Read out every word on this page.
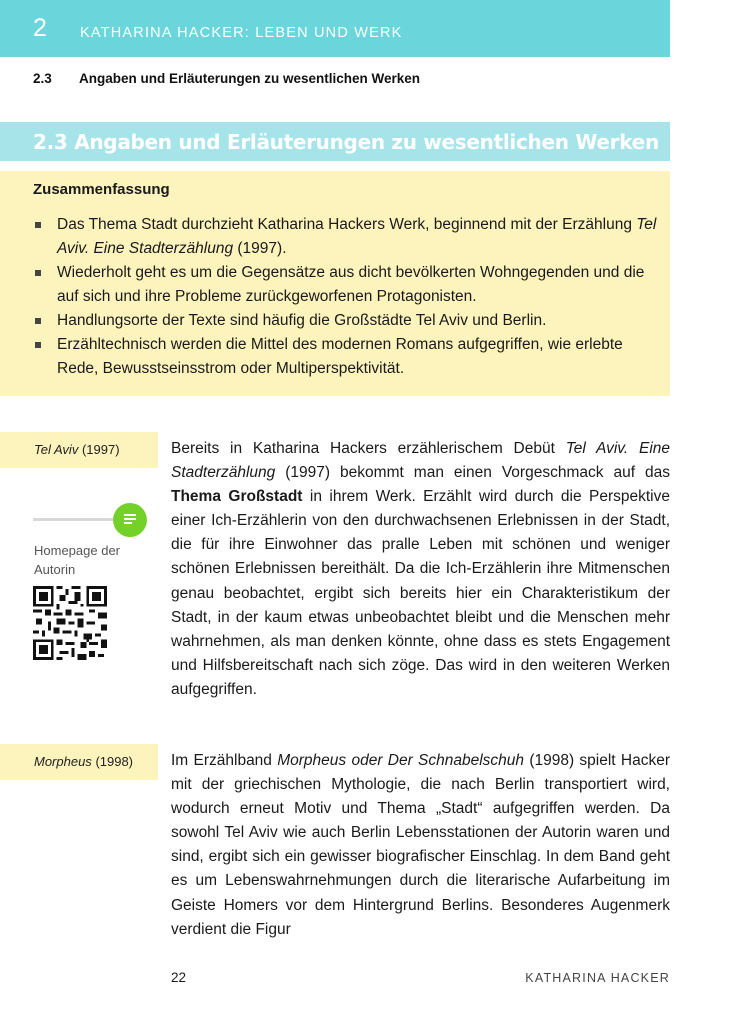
2 KATHARINA HACKER: LEBEN UND WERK
2.3 Angaben und Erläuterungen zu wesentlichen Werken
2.3 Angaben und Erläuterungen zu wesentlichen Werken
Zusammenfassung
Das Thema Stadt durchzieht Katharina Hackers Werk, beginnend mit der Erzählung Tel Aviv. Eine Stadterzählung (1997).
Wiederholt geht es um die Gegensätze aus dicht bevölkerten Wohngegenden und die auf sich und ihre Probleme zurückgeworfenen Protagonisten.
Handlungsorte der Texte sind häufig die Großstädte Tel Aviv und Berlin.
Erzähltechnisch werden die Mittel des modernen Romans aufgegriffen, wie erlebte Rede, Bewusstseinsstrom oder Multiperspektivität.
Tel Aviv (1997)
Homepage der Autorin

Bereits in Katharina Hackers erzählerischem Debüt Tel Aviv. Eine Stadterzählung (1997) bekommt man einen Vorgeschmack auf das Thema Großstadt in ihrem Werk. Erzählt wird durch die Perspektive einer Ich-Erzählerin von den durchwachsenen Erlebnissen in der Stadt, die für ihre Einwohner das pralle Leben mit schönen und weniger schönen Erlebnissen bereithält. Da die Ich-Erzählerin ihre Mitmenschen genau beobachtet, ergibt sich bereits hier ein Charakteristikum der Stadt, in der kaum etwas unbeobachtet bleibt und die Menschen mehr wahrnehmen, als man denken könnte, ohne dass es stets Engagement und Hilfsbereitschaft nach sich zöge. Das wird in den weiteren Werken aufgegriffen.

Morpheus (1998) Im Erzählband Morpheus oder Der Schnabelschuh (1998) spielt Hacker mit der griechischen Mythologie, die nach Berlin transportiert wird, wodurch erneut Motiv und Thema „Stadt“ aufgegriffen werden. Da sowohl Tel Aviv wie auch Berlin Lebensstationen der Autorin waren und sind, ergibt sich ein gewisser biografischer Einschlag. In dem Band geht es um Lebenswahrnehmungen durch die literarische Aufarbeitung im Geiste Homers vor dem Hintergrund Berlins. Besonderes Augenmerk verdient die Figur

22	KATHARINA HACKER
